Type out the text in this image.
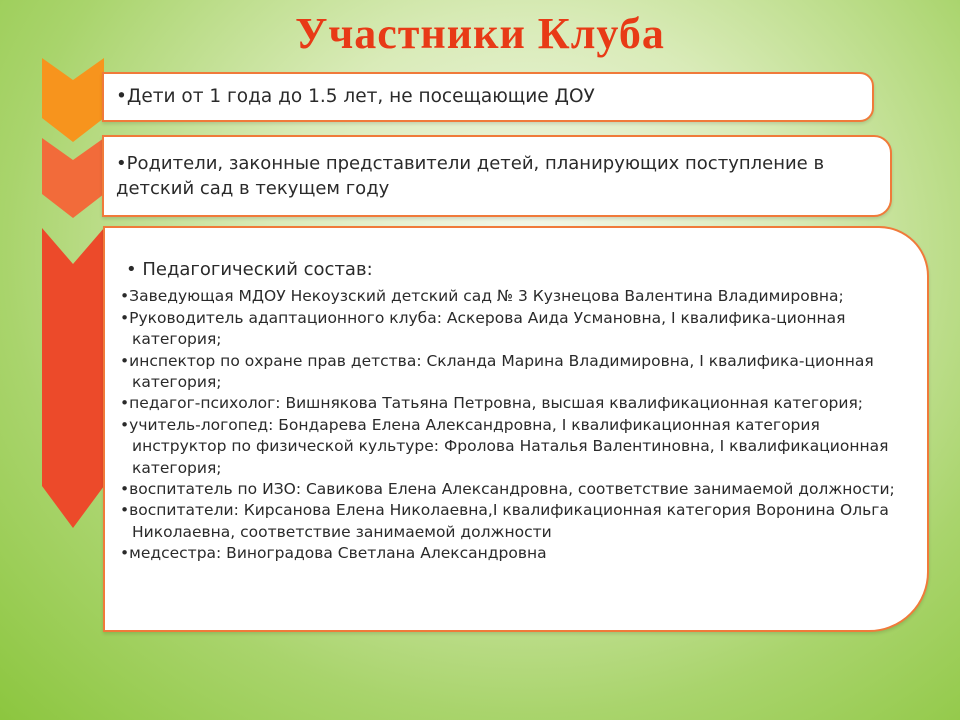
Участники Клуба
•Дети от 1 года до 1.5 лет, не посещающие ДОУ
•Родители, законные представители детей, планирующих поступление в детский сад в текущем году
• Педагогический состав:

•Заведующая МДОУ Некоузский детский сад № 3 Кузнецова Валентина Владимировна;

•Руководитель адаптационного клуба: Аскерова Аида Усмановна, I квалифика-ционная категория;

•инспектор по охране прав детства: Скланда Марина Владимировна, I квалифика-ционная категория;

•педагог-психолог: Вишнякова Татьяна Петровна, высшая квалификационная категория;

•учитель-логопед: Бондарева Елена Александровна, I квалификационная категория

инструктор по физической культуре: Фролова Наталья Валентиновна, I квалификационная категория;

•воспитатель по ИЗО: Савикова Елена Александровна, соответствие занимаемой должности;

•воспитатели: Кирсанова Елена Николаевна,I квалификационная категория Воронина Ольга Николаевна, соответствие занимаемой должности

•медсестра: Виноградова Светлана Александровна
